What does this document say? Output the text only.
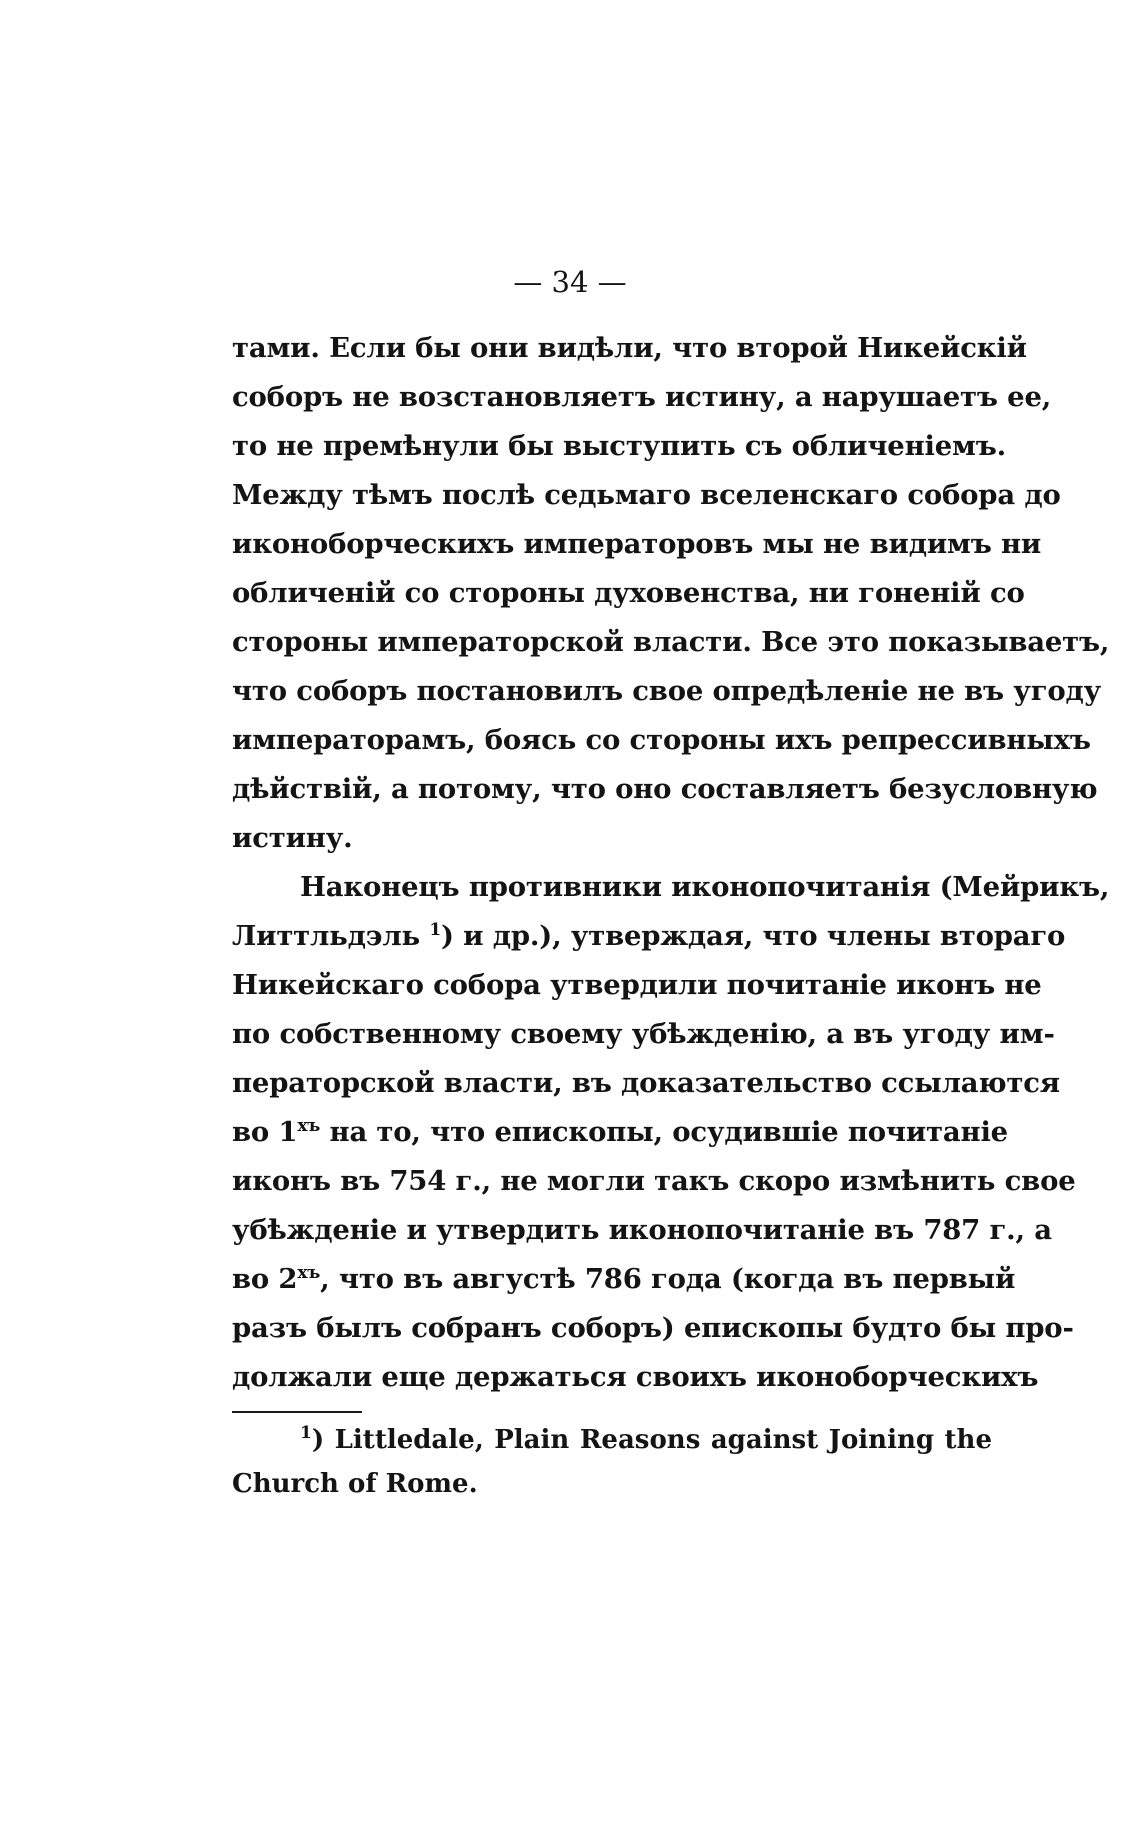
— 34 —
тами. Если бы они видѣли, что второй Никейскій
соборъ не возстановляетъ истину, а нарушаетъ ее,
то не премѣнули бы выступить съ обличеніемъ.
Между тѣмъ послѣ седьмаго вселенскаго собора до
иконоборческихъ императоровъ мы не видимъ ни
обличеній со стороны духовенства, ни гоненій со
стороны императорской власти. Все это показываетъ,
что соборъ постановилъ свое опредѣленіе не въ угоду
императорамъ, боясь со стороны ихъ репрессивныхъ
дѣйствій, а потому, что оно составляетъ безусловную
истину.
Наконецъ противники иконопочитанія (Мейрикъ,
Литтльдэль $^1$) и др.), утверждая, что члены втораго
Никейскаго собора утвердили почитаніе иконъ не
по собственному своему убѣжденію, а въ угоду им-
ператорской власти, въ доказательство ссылаются
во $1^{хъ}$ на то, что епископы, осудившіе почитаніе
иконъ въ 754 г., не могли такъ скоро измѣнить свое
убѣжденіе и утвердить иконопочитаніе въ 787 г., а
во $2^{хъ}$, что въ августѣ 786 года (когда въ первый
разъ былъ собранъ соборъ) епископы будто бы про-
должали еще держаться своихъ иконоборческихъ
$^1$) Littledale, Plain Reasons against Joining the
Church of Rome.
